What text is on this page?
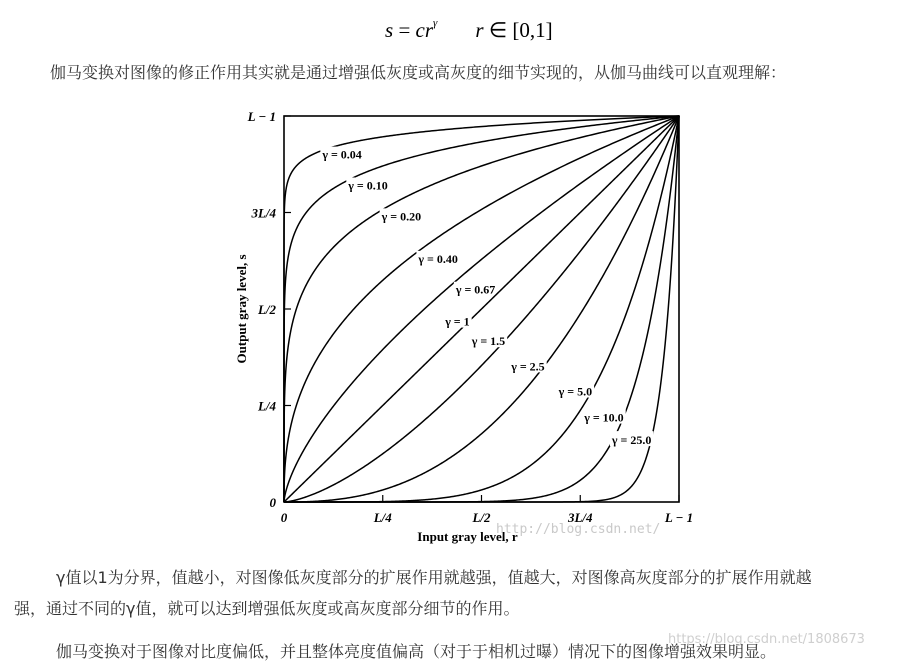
$s = cr^\gamma$ r ∈ [0,1]
伽马变换对图像的修正作用其实就是通过增强低灰度或高灰度的细节实现的，从伽马曲线可以直观理解：
0
0
L/4
L/4
L/2
L/2
3L/4
3L/4
L − 1
L − 1
Input gray level, r
Output gray level, s
γ = 0.04
γ = 0.10
γ = 0.20
γ = 0.40
γ = 0.67
γ = 1
γ = 1.5
γ = 2.5
γ = 5.0
γ = 10.0
γ = 25.0
http://blog.csdn.net/
γ值以1为分界，值越小，对图像低灰度部分的扩展作用就越强，值越大，对图像高灰度部分的扩展作用就越
强，通过不同的γ值，就可以达到增强低灰度或高灰度部分细节的作用。
伽马变换对于图像对比度偏低，并且整体亮度值偏高（对于于相机过曝）情况下的图像增强效果明显。
https://blog.csdn.net/1808673
